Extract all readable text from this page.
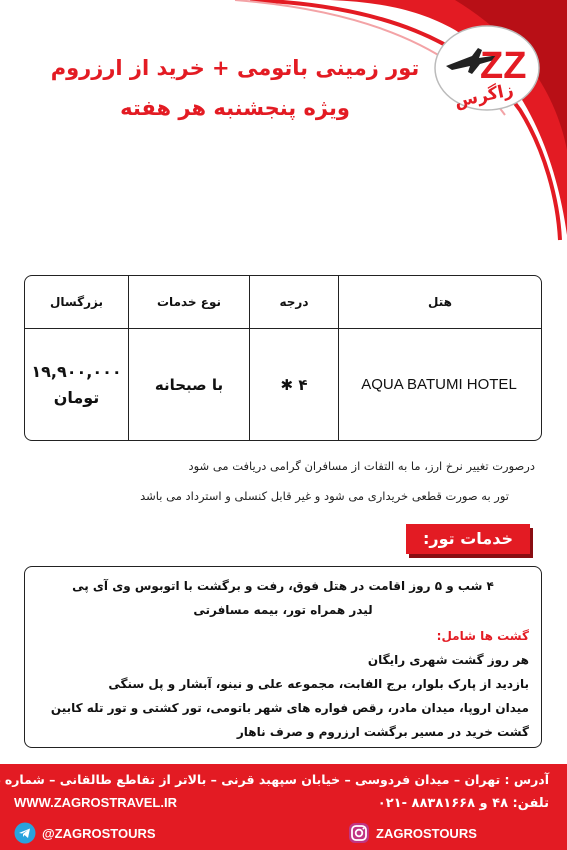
ZZ
زاگرس
تور زمینی باتومی + خرید از ارزروم
ویژه پنجشنبه هر هفته
هتل	درجه	نوع خدمات	بزرگسال
AQUA BATUMI HOTEL	۴ ✱	با صبحانه	۱۹,۹۰۰,۰۰۰
تومان
درصورت تغییر نرخ ارز، ما به التفات از مسافران گرامی دریافت می شود
تور به صورت قطعی خریداری می شود و غیر قابل کنسلی و استرداد می باشد
خدمات تور:
۴ شب و ۵ روز اقامت در هتل فوق، رفت و برگشت با اتوبوس وی آی پی
لیدر همراه تور، بیمه مسافرتی
گشت ها شامل:
هر روز گشت شهری رایگان
بازدید از پارک بلوار، برج الفابت، مجموعه علی و نینو، آبشار و پل سنگی
میدان اروپا، میدان مادر، رقص فواره های شهر باتومی، تور کشتی و تور تله کابین
گشت خرید در مسیر برگشت ارزروم و صرف ناهار
آدرس : تهران – میدان فردوسی – خیابان سپهبد قرنی – بالاتر از تقاطع طالقانی – شماره
WWW.ZAGROSTRAVEL.IR	تلفن: ۴۸ و ۸۸۳۸۱۶۶۸ -۰۲۱
@ZAGROSTOURS	ZAGROSTOURS
